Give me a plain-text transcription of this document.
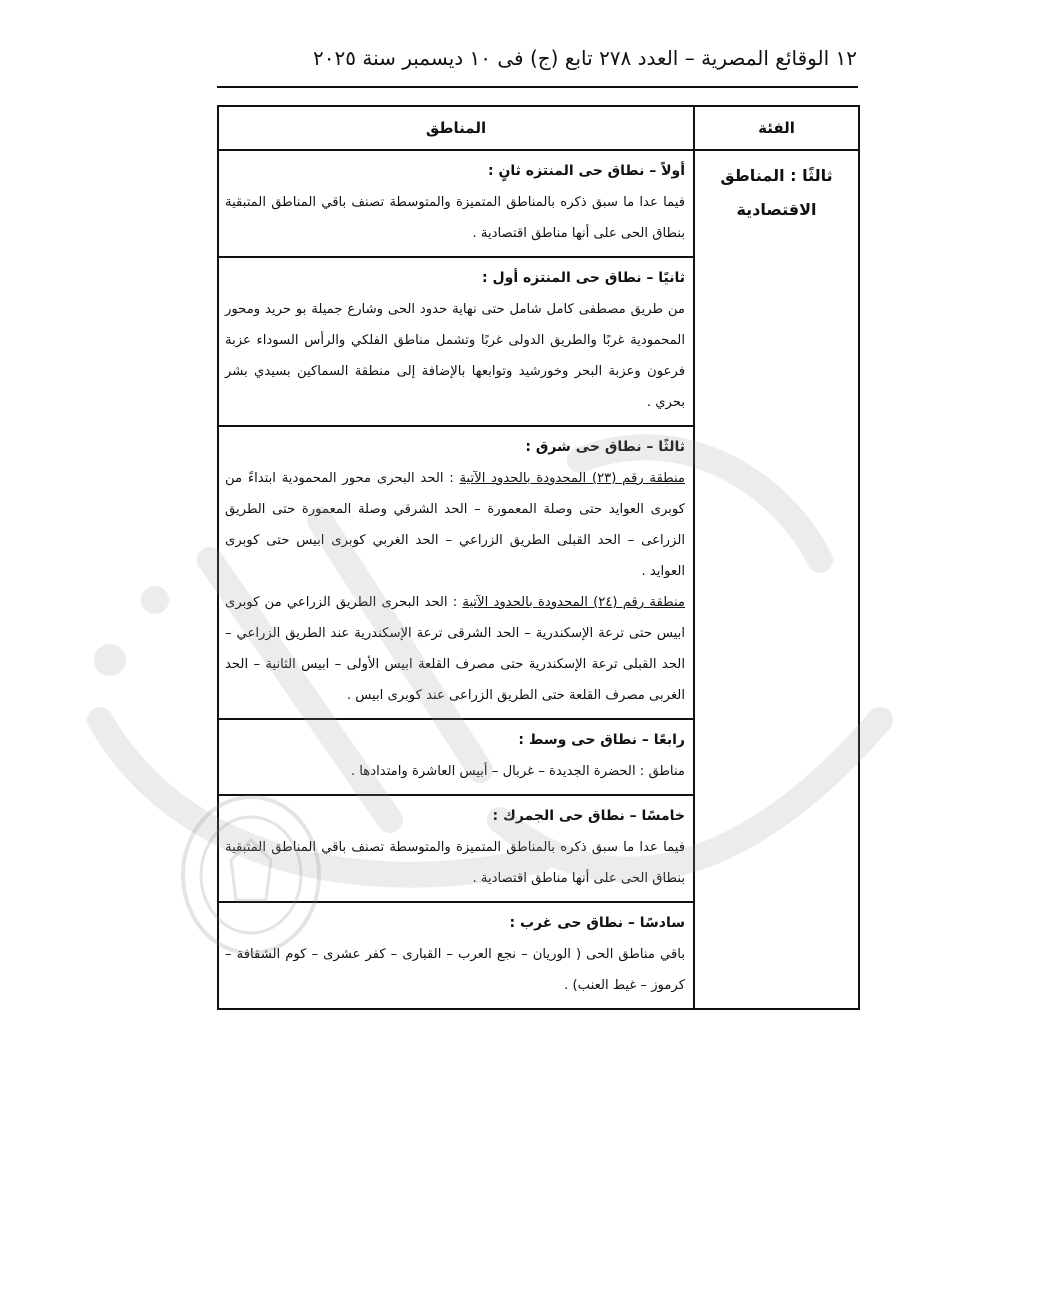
١٢ الوقائع المصرية – العدد ٢٧٨ تابع (ج) فى ١٠ ديسمبر سنة ٢٠٢٥
الفئة	المناطق
ثالثًا : المناطق الاقتصادية	أولاً – نطاق حى المنتزه ثانٍ :
فيما عدا ما سبق ذكره بالمناطق المتميزة والمتوسطة تصنف باقي المناطق المتبقية بنطاق الحى على أنها مناطق اقتصادية .

	ثانيًا – نطاق حى المنتزه أول :
من طريق مصطفى كامل شامل حتى نهاية حدود الحى وشارع جميلة بو حريد ومحور المحمودية غربًا والطريق الدولى غربًا وتشمل مناطق الفلكي والرأس السوداء عزبة فرعون وعزبة البحر وخورشيد وتوابعها بالإضافة إلى منطقة السماكين بسيدي بشر بحري .

	ثالثًا – نطاق حى شرق :
منطقة رقم (٢٣) المحدودة بالحدود الآتية : الحد البحرى محور المحمودية ابتداءً من كوبرى العوايد حتى وصلة المعمورة – الحد الشرقي وصلة المعمورة حتى الطريق الزراعى – الحد القبلى الطريق الزراعي – الحد الغربي كوبرى ابيس حتى كوبرى العوايد .
منطقة رقم (٢٤) المحدودة بالحدود الآتية : الحد البحرى الطريق الزراعي من كوبرى ابيس حتى ترعة الإسكندرية – الحد الشرقى ترعة الإسكندرية عند الطريق الزراعي – الحد القبلى ترعة الإسكندرية حتى مصرف القلعة ابيس الأولى – ابيس الثانية – الحد الغربى مصرف القلعة حتى الطريق الزراعى عند كوبرى ابيس .

	رابعًا – نطاق حى وسط :
مناطق : الحضرة الجديدة – غربال – أبيس العاشرة وامتدادها .

	خامسًا – نطاق حى الجمرك :
فيما عدا ما سبق ذكره بالمناطق المتميزة والمتوسطة تصنف باقي المناطق المتبقية بنطاق الحى على أنها مناطق اقتصادية .

	سادسًا – نطاق حى غرب :
باقي مناطق الحى ( الوريان – نجع العرب – القبارى – كفر عشرى – كوم الشقافة – كرموز – غيط العنب) .
